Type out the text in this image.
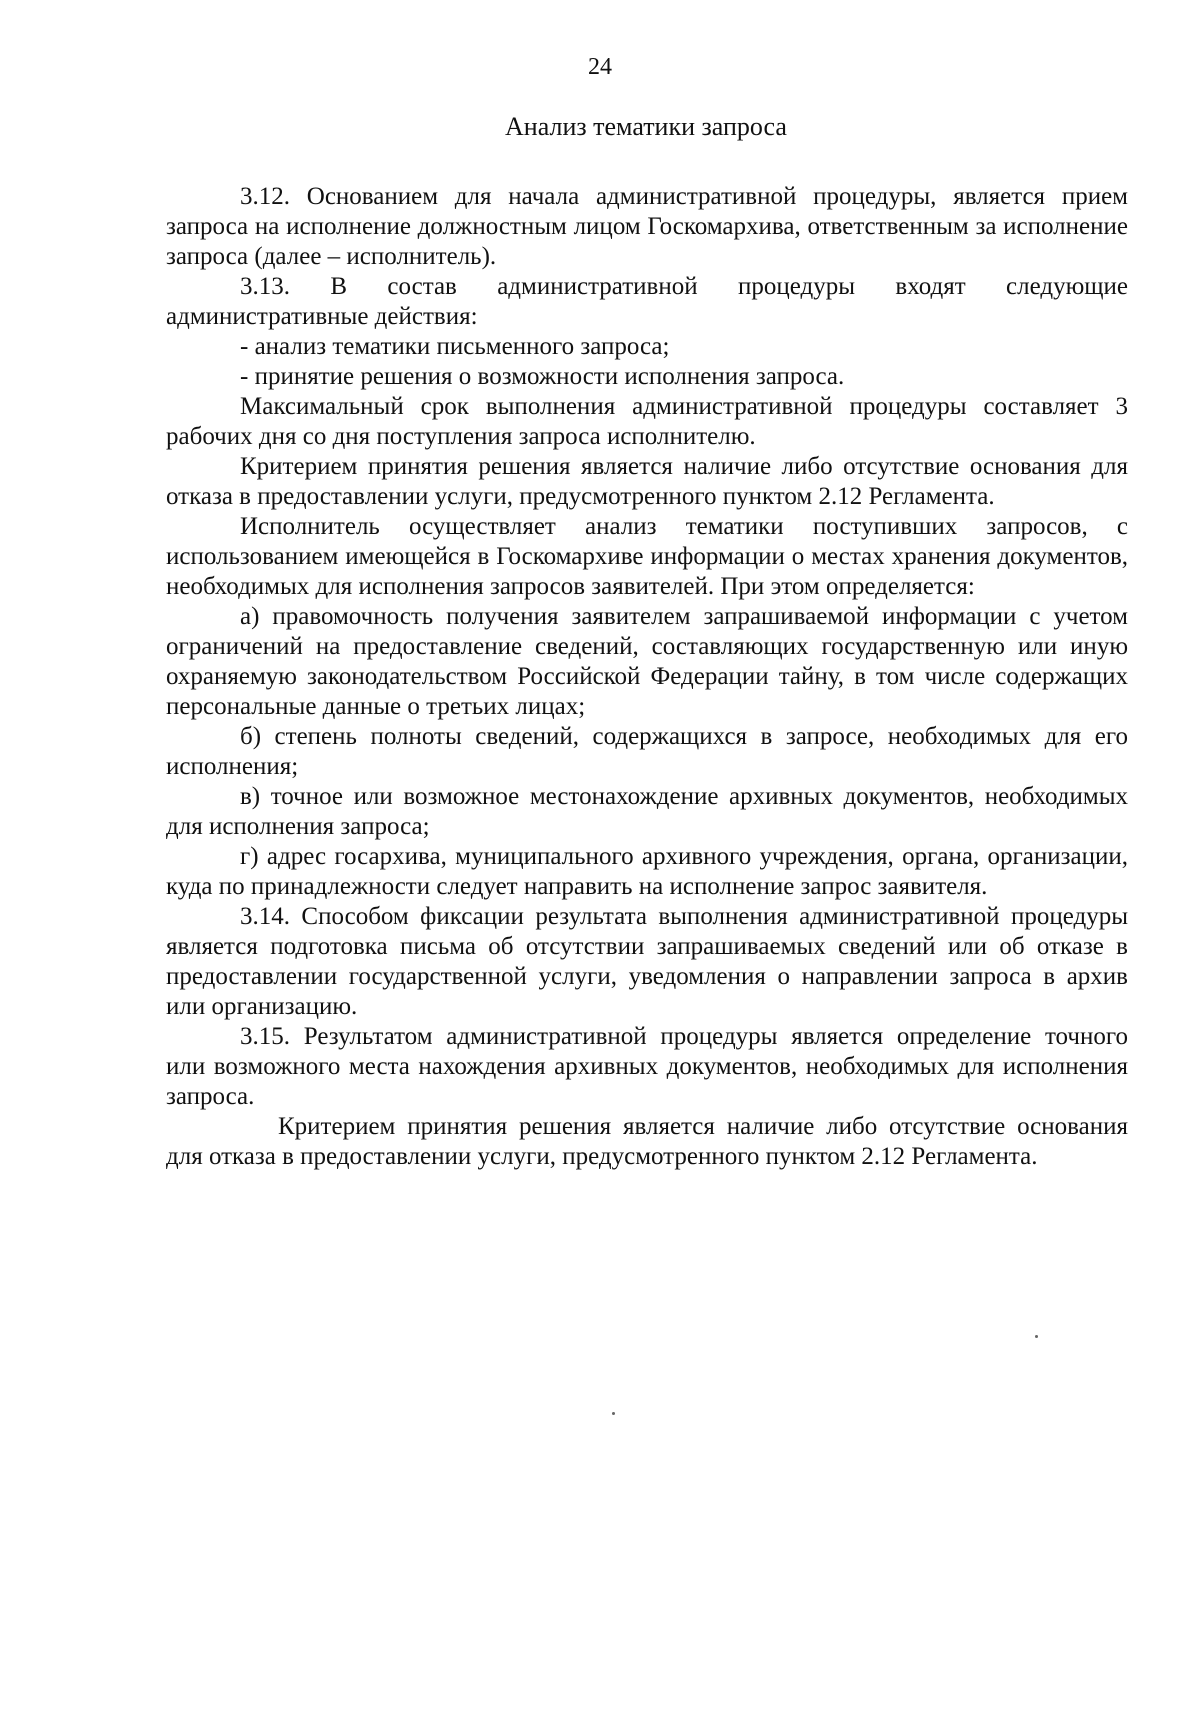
24
Анализ тематики запроса

3.12. Основанием для начала административной процедуры, является прием запроса на исполнение должностным лицом Госкомархива, ответственным за исполнение запроса (далее – исполнитель).

3.13. В состав административной процедуры входят следующие административные действия:

- анализ тематики письменного запроса;

- принятие решения о возможности исполнения запроса.

Максимальный срок выполнения административной процедуры составляет 3 рабочих дня со дня поступления запроса исполнителю.

Критерием принятия решения является наличие либо отсутствие основания для отказа в предоставлении услуги, предусмотренного пунктом 2.12 Регламента.

Исполнитель осуществляет анализ тематики поступивших запросов, с использованием имеющейся в Госкомархиве информации о местах хранения документов, необходимых для исполнения запросов заявителей. При этом определяется:

а) правомочность получения заявителем запрашиваемой информации с учетом ограничений на предоставление сведений, составляющих государственную или иную охраняемую законодательством Российской Федерации тайну, в том числе содержащих персональные данные о третьих лицах;

б) степень полноты сведений, содержащихся в запросе, необходимых для его исполнения;

в) точное или возможное местонахождение архивных документов, необходимых для исполнения запроса;

г) адрес госархива, муниципального архивного учреждения, органа, организации, куда по принадлежности следует направить на исполнение запрос заявителя.

3.14. Способом фиксации результата выполнения административной процедуры является подготовка письма об отсутствии запрашиваемых сведений или об отказе в предоставлении государственной услуги, уведомления о направлении запроса в архив или организацию.

3.15. Результатом административной процедуры является определение точного или возможного места нахождения архивных документов, необходимых для исполнения запроса.

Критерием принятия решения является наличие либо отсутствие основания для отказа в предоставлении услуги, предусмотренного пунктом 2.12 Регламента.
